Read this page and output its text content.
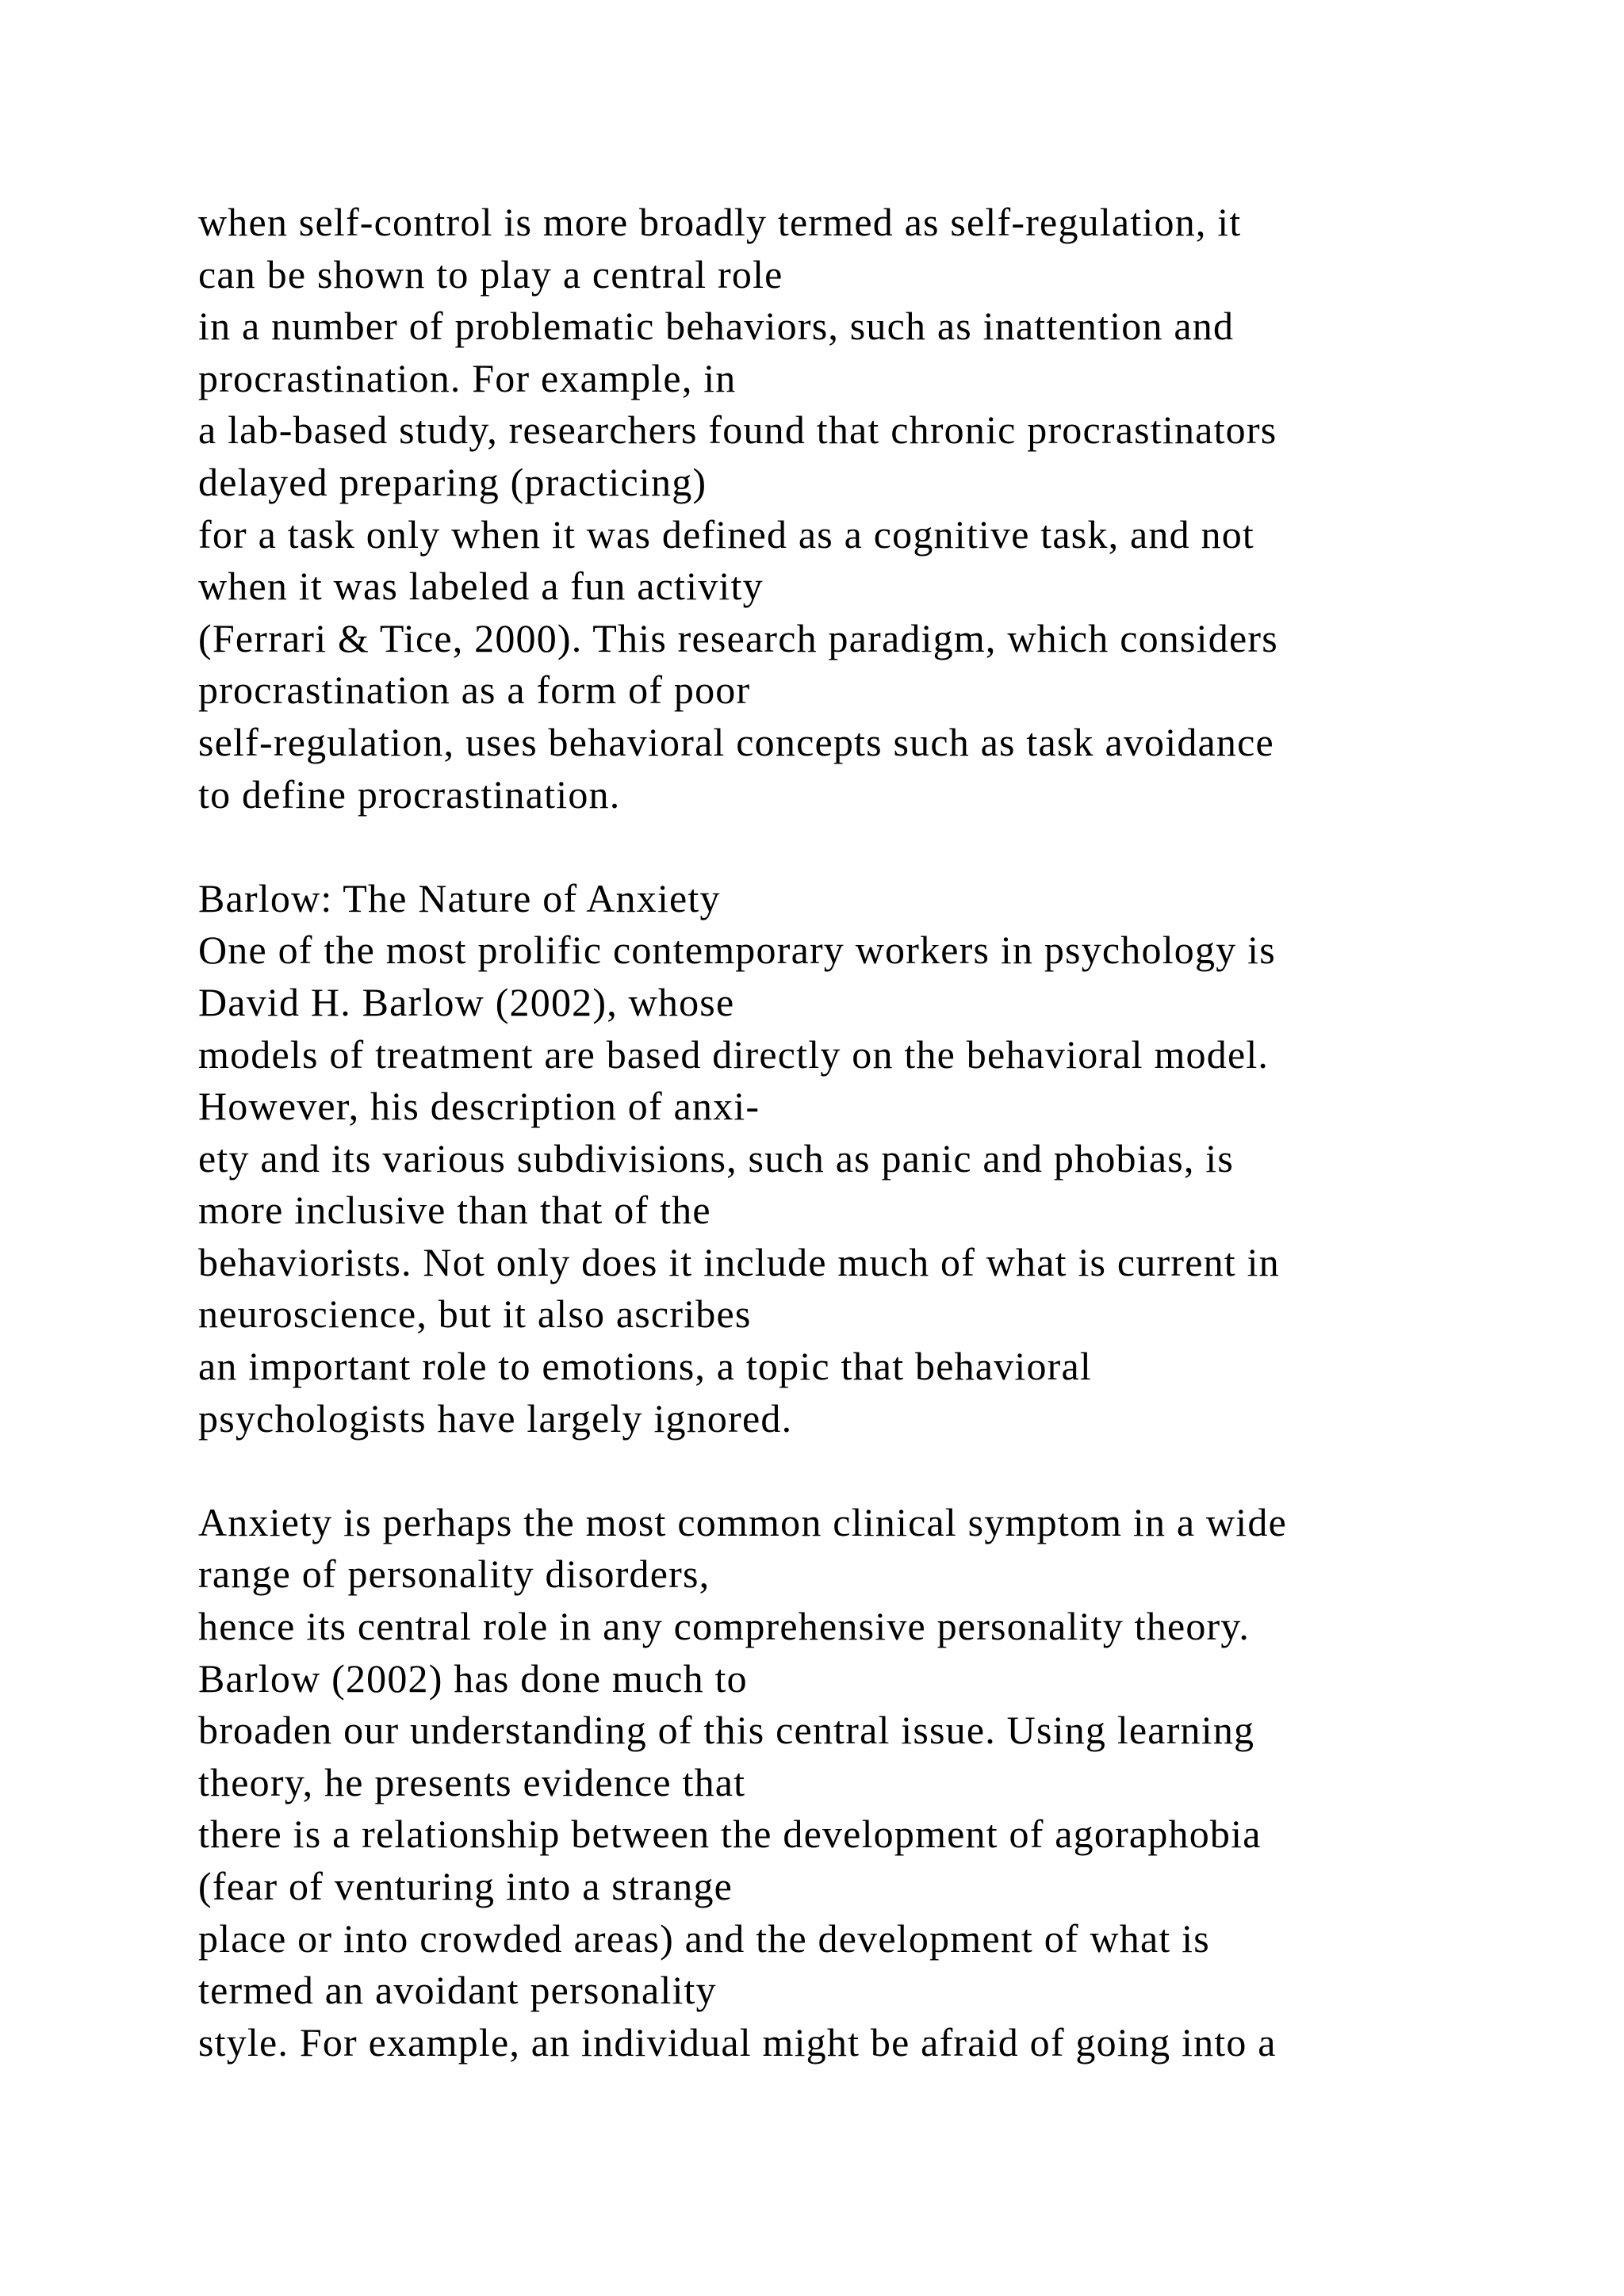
when self-control is more broadly termed as self-regulation, it
can be shown to play a central role
in a number of problematic behaviors, such as inattention and
procrastination. For example, in
a lab-based study, researchers found that chronic procrastinators
delayed preparing (practicing)
for a task only when it was defined as a cognitive task, and not
when it was labeled a fun activity
(Ferrari & Tice, 2000). This research paradigm, which considers
procrastination as a form of poor
self-regulation, uses behavioral concepts such as task avoidance
to define procrastination.
Barlow: The Nature of Anxiety
One of the most prolific contemporary workers in psychology is
David H. Barlow (2002), whose
models of treatment are based directly on the behavioral model.
However, his description of anxi-
ety and its various subdivisions, such as panic and phobias, is
more inclusive than that of the
behaviorists. Not only does it include much of what is current in
neuroscience, but it also ascribes
an important role to emotions, a topic that behavioral
psychologists have largely ignored.
Anxiety is perhaps the most common clinical symptom in a wide
range of personality disorders,
hence its central role in any comprehensive personality theory.
Barlow (2002) has done much to
broaden our understanding of this central issue. Using learning
theory, he presents evidence that
there is a relationship between the development of agoraphobia
(fear of venturing into a strange
place or into crowded areas) and the development of what is
termed an avoidant personality
style. For example, an individual might be afraid of going into a
